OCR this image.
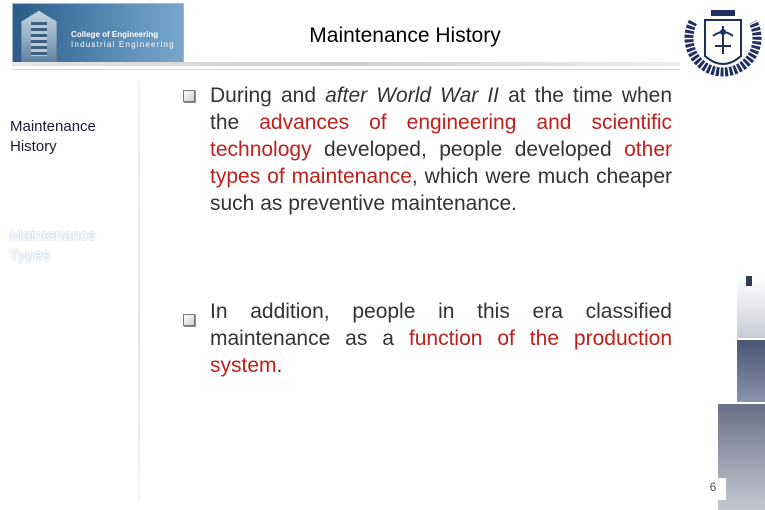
College of Engineering
Industrial Engineering	Maintenance History
Maintenance History
Maintenance Types
During and after World War II at the time when the advances of engineering and scientific technology developed, people developed other types of maintenance, which were much cheaper such as preventive maintenance.
In addition, people in this era classified maintenance as a function of the production system.
6
